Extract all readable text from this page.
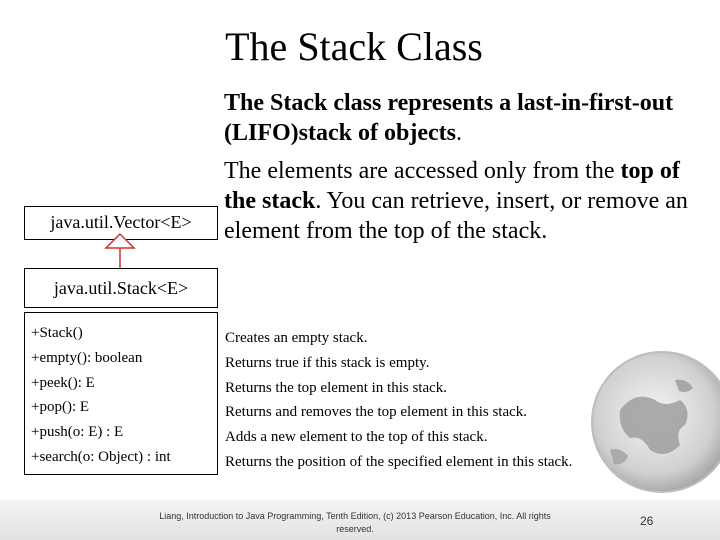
The Stack Class

The Stack class represents a last-in-first-out (LIFO)stack of objects.

The elements are accessed only from the top of the stack. You can retrieve, insert, or remove an element from the top of the stack.

java.util.Vector<E>
java.util.Stack<E>
+Stack()
+empty(): boolean
+peek(): E
+pop(): E
+push(o: E) : E
+search(o: Object) : int
Creates an empty stack.
Returns true if this stack is empty.
Returns the top element in this stack.
Returns and removes the top element in this stack.
Adds a new element to the top of this stack.
Returns the position of the specified element in this stack.
Liang, Introduction to Java Programming, Tenth Edition, (c) 2013 Pearson Education, Inc. All rights reserved.
26
